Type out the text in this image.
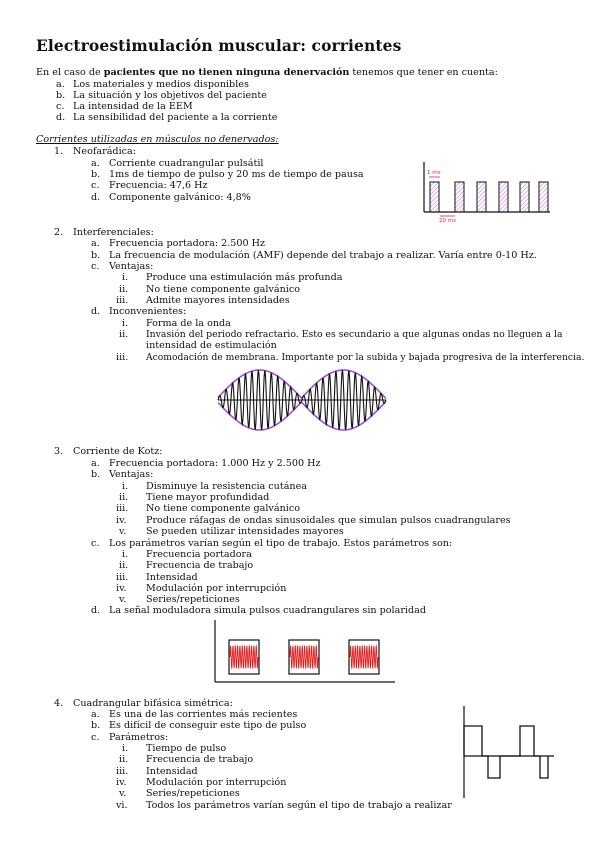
Electroestimulación muscular: corrientes
En el caso de pacientes que no tienen ninguna denervación tenemos que tener en cuenta:
a. Los materiales y medios disponibles
b. La situación y los objetivos del paciente
c. La intensidad de la EEM
d. La sensibilidad del paciente a la corriente
Corrientes utilizadas en músculos no denervados:
1. Neofarádica:
a. Corriente cuadrangular pulsátil
b. 1ms de tiempo de pulso y 20 ms de tiempo de pausa
c. Frecuencia: 47,6 Hz
d. Componente galvánico: 4,8%
1 ms
20 ms
2. Interferenciales:
a. Frecuencia portadora: 2.500 Hz
b. La frecuencia de modulación (AMF) depende del trabajo a realizar. Varía entre 0-10 Hz.
c. Ventajas:
i. Produce una estimulación más profunda
ii. No tiene componente galvánico
iii. Admite mayores intensidades
d. Inconvenientes:
i. Forma de la onda
ii. Invasión del periodo refractario. Esto es secundario a que algunas ondas no lleguen a la
intensidad de estimulación
iii. Acomodación de membrana. Importante por la subida y bajada progresiva de la interferencia.
3. Corriente de Kotz:
a. Frecuencia portadora: 1.000 Hz y 2.500 Hz
b. Ventajas:
i. Disminuye la resistencia cutánea
ii. Tiene mayor profundidad
iii. No tiene componente galvánico
iv. Produce ráfagas de ondas sinusoidales que simulan pulsos cuadrangulares
v. Se pueden utilizar intensidades mayores
c. Los parámetros varían según el tipo de trabajo. Estos parámetros son:
i. Frecuencia portadora
ii. Frecuencia de trabajo
iii. Intensidad
iv. Modulación por interrupción
v. Series/repeticiones
d. La señal moduladora simula pulsos cuadrangulares sin polaridad
4. Cuadrangular bifásica simétrica:
a. Es una de las corrientes más recientes
b. Es difícil de conseguir este tipo de pulso
c. Parámetros:
i. Tiempo de pulso
ii. Frecuencia de trabajo
iii. Intensidad
iv. Modulación por interrupción
v. Series/repeticiones
vi. Todos los parámetros varían según el tipo de trabajo a realizar
